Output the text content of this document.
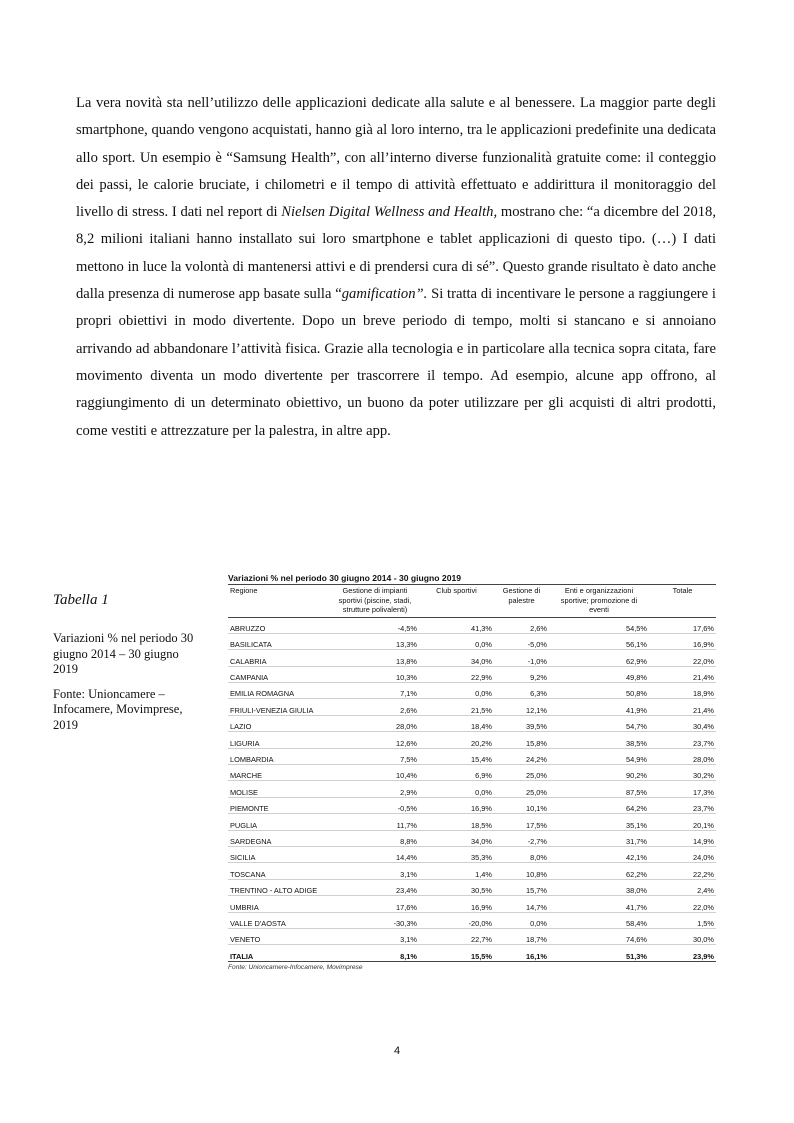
La vera novità sta nell’utilizzo delle applicazioni dedicate alla salute e al benessere. La maggior parte degli smartphone, quando vengono acquistati, hanno già al loro interno, tra le applicazioni predefinite una dedicata allo sport. Un esempio è “Samsung Health”, con all’interno diverse funzionalità gratuite come: il conteggio dei passi, le calorie bruciate, i chilometri e il tempo di attività effettuato e addirittura il monitoraggio del livello di stress. I dati nel report di Nielsen Digital Wellness and Health, mostrano che: “a dicembre del 2018, 8,2 milioni italiani hanno installato sui loro smartphone e tablet applicazioni di questo tipo. (…) I dati mettono in luce la volontà di mantenersi attivi e di prendersi cura di sé”. Questo grande risultato è dato anche dalla presenza di numerose app basate sulla “gamification”. Si tratta di incentivare le persone a raggiungere i propri obiettivi in modo divertente. Dopo un breve periodo di tempo, molti si stancano e si annoiano arrivando ad abbandonare l’attività fisica. Grazie alla tecnologia e in particolare alla tecnica sopra citata, fare movimento diventa un modo divertente per trascorrere il tempo. Ad esempio, alcune app offrono, al raggiungimento di un determinato obiettivo, un buono da poter utilizzare per gli acquisti di altri prodotti, come vestiti e attrezzature per la palestra, in altre app.

Tabella 1

Variazioni % nel periodo 30 giugno 2014 – 30 giugno 2019

Fonte: Unioncamere – Infocamere, Movimprese, 2019

Variazioni % nel periodo 30 giugno 2014 - 30 giugno 2019
Regione	Gestione di impianti sportivi (piscine, stadi, strutture polivalenti)	Club sportivi	Gestione di palestre	Enti e organizzazioni sportive; promozione di eventi	Totale
ABRUZZO	-4,5%	41,3%	2,6%	54,5%	17,6%
BASILICATA	13,3%	0,0%	-5,0%	56,1%	16,9%
CALABRIA	13,8%	34,0%	-1,0%	62,9%	22,0%
CAMPANIA	10,3%	22,9%	9,2%	49,8%	21,4%
EMILIA ROMAGNA	7,1%	0,0%	6,3%	50,8%	18,9%
FRIULI-VENEZIA GIULIA	2,6%	21,5%	12,1%	41,9%	21,4%
LAZIO	28,0%	18,4%	39,5%	54,7%	30,4%
LIGURIA	12,6%	20,2%	15,8%	38,5%	23,7%
LOMBARDIA	7,5%	15,4%	24,2%	54,9%	28,0%
MARCHE	10,4%	6,9%	25,0%	90,2%	30,2%
MOLISE	2,9%	0,0%	25,0%	87,5%	17,3%
PIEMONTE	-0,5%	16,9%	10,1%	64,2%	23,7%
PUGLIA	11,7%	18,5%	17,5%	35,1%	20,1%
SARDEGNA	8,8%	34,0%	-2,7%	31,7%	14,9%
SICILIA	14,4%	35,3%	8,0%	42,1%	24,0%
TOSCANA	3,1%	1,4%	10,8%	62,2%	22,2%
TRENTINO - ALTO ADIGE	23,4%	30,5%	15,7%	38,0%	2,4%
UMBRIA	17,6%	16,9%	14,7%	41,7%	22,0%
VALLE D'AOSTA	-30,3%	-20,0%	0,0%	58,4%	1,5%
VENETO	3,1%	22,7%	18,7%	74,6%	30,0%
ITALIA	8,1%	15,5%	16,1%	51,3%	23,9%
Fonte: Unioncamere-Infocamere, Movimprese
4
